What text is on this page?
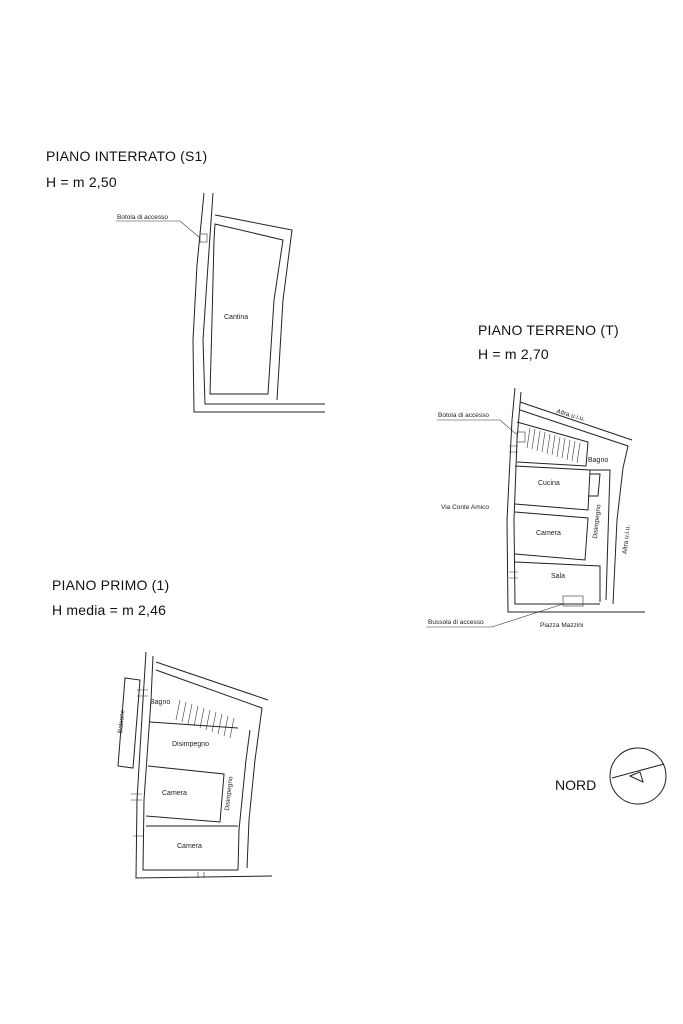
PIANO INTERRATO (S1)
H = m 2,50
PIANO TERRENO (T)
H = m 2,70
PIANO PRIMO (1)
H media = m 2,46
Botola di accesso
Cantina
Botola di accesso	Altra u.i.u.
Bagno
Cucina
Via Conte Amico
Camera	Disimpegno
Altra u.i.u.
Sala
Bussola di accesso	Piazza Mazzini
Bagno
Balcone
Disimpegno
Camera	Disimpegno
Camera
NORD
